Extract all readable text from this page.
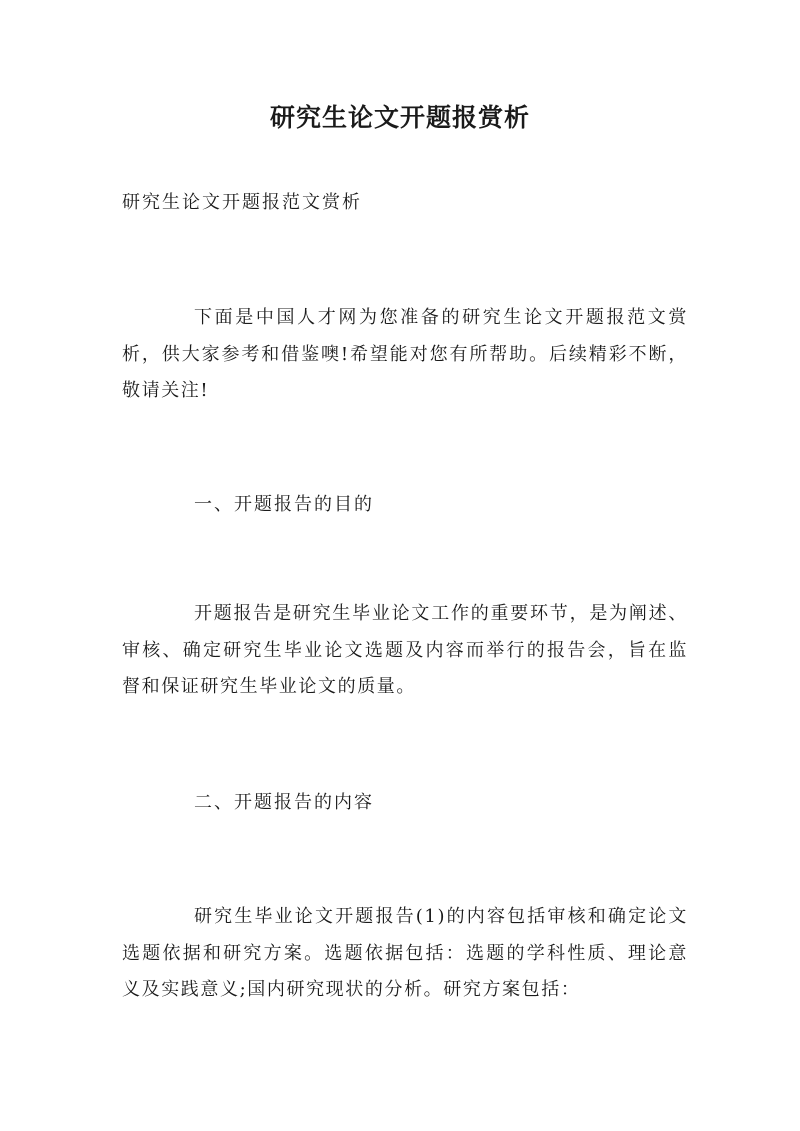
研究生论文开题报赏析
研究生论文开题报范文赏析

下面是中国人才网为您准备的研究生论文开题报范文赏析，供大家参考和借鉴噢!希望能对您有所帮助。后续精彩不断，敬请关注!

一、开题报告的目的

开题报告是研究生毕业论文工作的重要环节，是为阐述、审核、确定研究生毕业论文选题及内容而举行的报告会，旨在监督和保证研究生毕业论文的质量。

二、开题报告的内容

研究生毕业论文开题报告(1)的内容包括审核和确定论文选题依据和研究方案。选题依据包括：选题的学科性质、理论意义及实践意义;国内研究现状的分析。研究方案包括：
